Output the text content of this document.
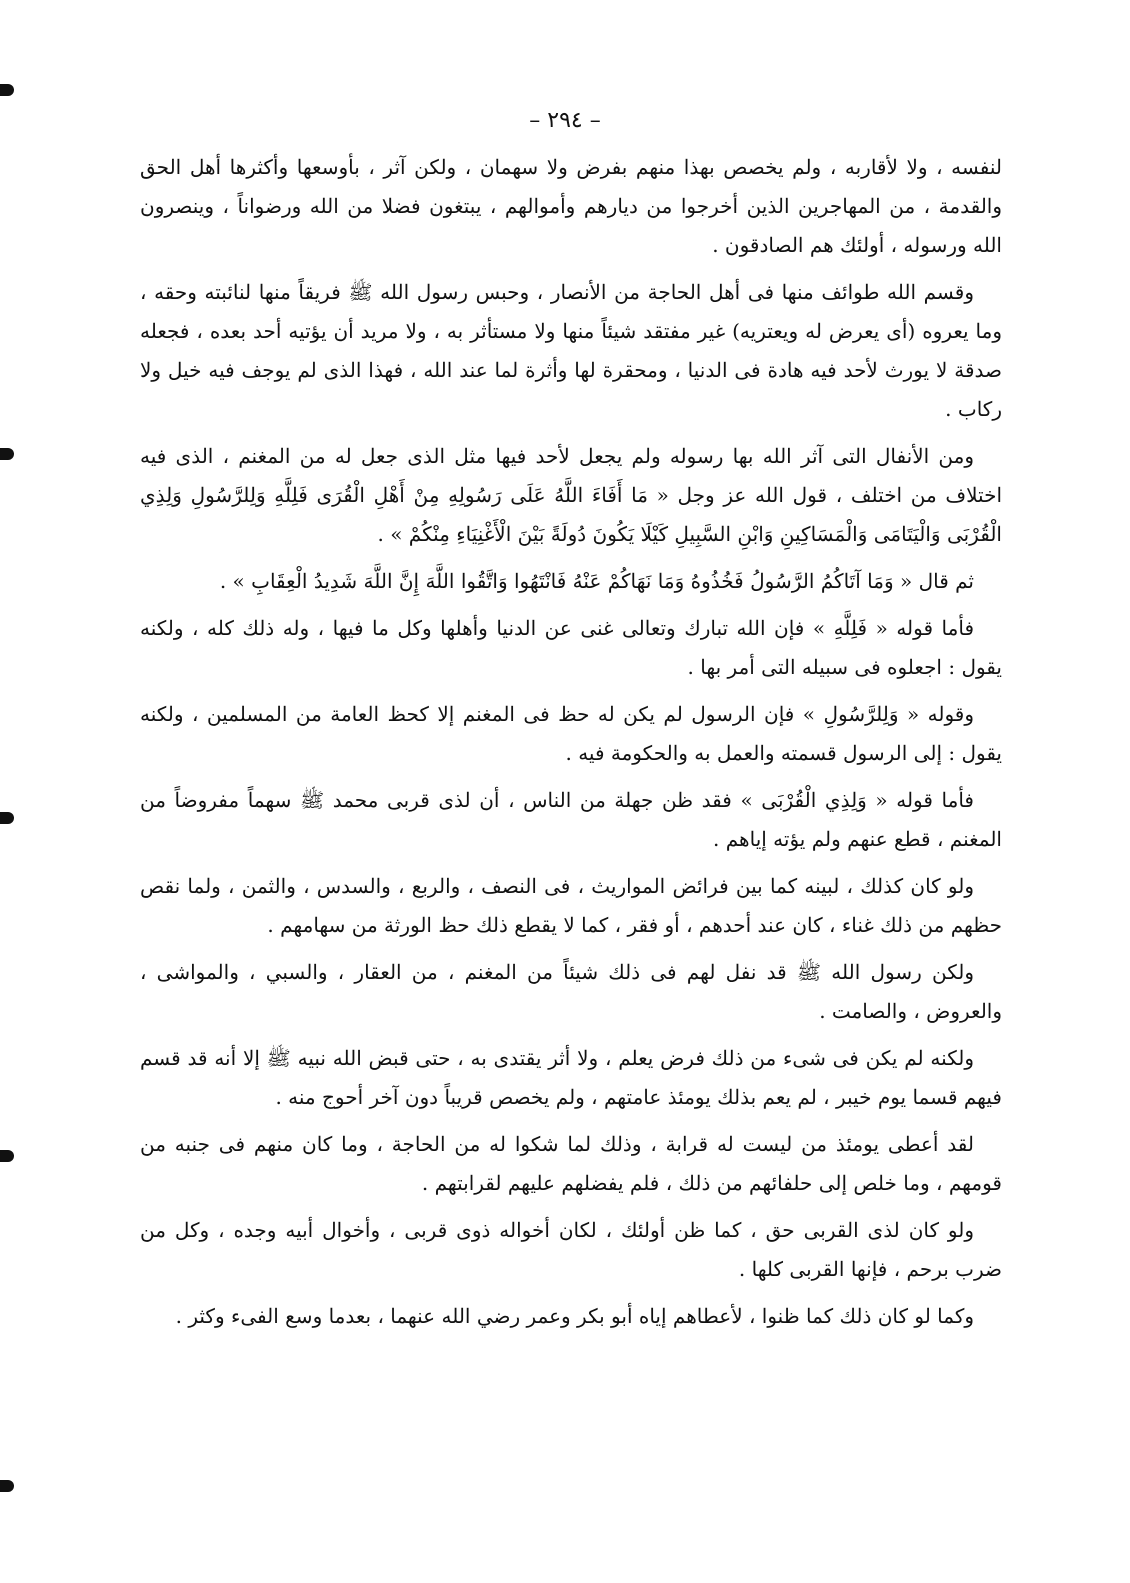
– ٢٩٤ –

لنفسه ، ولا لأقاربه ، ولم يخصص بهذا منهم بفرض ولا سهمان ، ولكن آثر ، بأوسعها وأكثرها أهل الحق والقدمة ، من المهاجرين الذين أخرجوا من ديارهم وأموالهم ، يبتغون فضلا من الله ورضواناً ، وينصرون الله ورسوله ، أولئك هم الصادقون .

وقسم الله طوائف منها فى أهل الحاجة من الأنصار ، وحبس رسول الله ﷺ فريقاً منها لنائبته وحقه ، وما يعروه (أى يعرض له ويعتريه) غير مفتقد شيئاً منها ولا مستأثر به ، ولا مريد أن يؤتيه أحد بعده ، فجعله صدقة لا يورث لأحد فيه هادة فى الدنيا ، ومحقرة لها وأثرة لما عند الله ، فهذا الذى لم يوجف فيه خيل ولا ركاب .

ومن الأنفال التى آثر الله بها رسوله ولم يجعل لأحد فيها مثل الذى جعل له من المغنم ، الذى فيه اختلاف من اختلف ، قول الله عز وجل « مَا أَفَاءَ اللَّهُ عَلَى رَسُولِهِ مِنْ أَهْلِ الْقُرَى فَلِلَّهِ وَلِلرَّسُولِ وَلِذِي الْقُرْبَى وَالْيَتَامَى وَالْمَسَاكِينِ وَابْنِ السَّبِيلِ كَيْلَا يَكُونَ دُولَةً بَيْنَ الْأَغْنِيَاءِ مِنْكُمْ » .

ثم قال « وَمَا آتَاكُمُ الرَّسُولُ فَخُذُوهُ وَمَا نَهَاكُمْ عَنْهُ فَانْتَهُوا وَاتَّقُوا اللَّهَ إِنَّ اللَّهَ شَدِيدُ الْعِقَابِ » .

فأما قوله « فَلِلَّهِ » فإن الله تبارك وتعالى غنى عن الدنيا وأهلها وكل ما فيها ، وله ذلك كله ، ولكنه يقول : اجعلوه فى سبيله التى أمر بها .

وقوله « وَلِلرَّسُولِ » فإن الرسول لم يكن له حظ فى المغنم إلا كحظ العامة من المسلمين ، ولكنه يقول : إلى الرسول قسمته والعمل به والحكومة فيه .

فأما قوله « وَلِذِي الْقُرْبَى » فقد ظن جهلة من الناس ، أن لذى قربى محمد ﷺ سهماً مفروضاً من المغنم ، قطع عنهم ولم يؤته إياهم .

ولو كان كذلك ، لبينه كما بين فرائض المواريث ، فى النصف ، والربع ، والسدس ، والثمن ، ولما نقص حظهم من ذلك غناء ، كان عند أحدهم ، أو فقر ، كما لا يقطع ذلك حظ الورثة من سهامهم .

ولكن رسول الله ﷺ قد نفل لهم فى ذلك شيئاً من المغنم ، من العقار ، والسبي ، والمواشى ، والعروض ، والصامت .

ولكنه لم يكن فى شىء من ذلك فرض يعلم ، ولا أثر يقتدى به ، حتى قبض الله نبيه ﷺ إلا أنه قد قسم فيهم قسما يوم خيبر ، لم يعم بذلك يومئذ عامتهم ، ولم يخصص قريباً دون آخر أحوج منه .

لقد أعطى يومئذ من ليست له قرابة ، وذلك لما شكوا له من الحاجة ، وما كان منهم فى جنبه من قومهم ، وما خلص إلى حلفائهم من ذلك ، فلم يفضلهم عليهم لقرابتهم .

ولو كان لذى القربى حق ، كما ظن أولئك ، لكان أخواله ذوى قربى ، وأخوال أبيه وجده ، وكل من ضرب برحم ، فإنها القربى كلها .

وكما لو كان ذلك كما ظنوا ، لأعطاهم إياه أبو بكر وعمر رضي الله عنهما ، بعدما وسع الفىء وكثر .
